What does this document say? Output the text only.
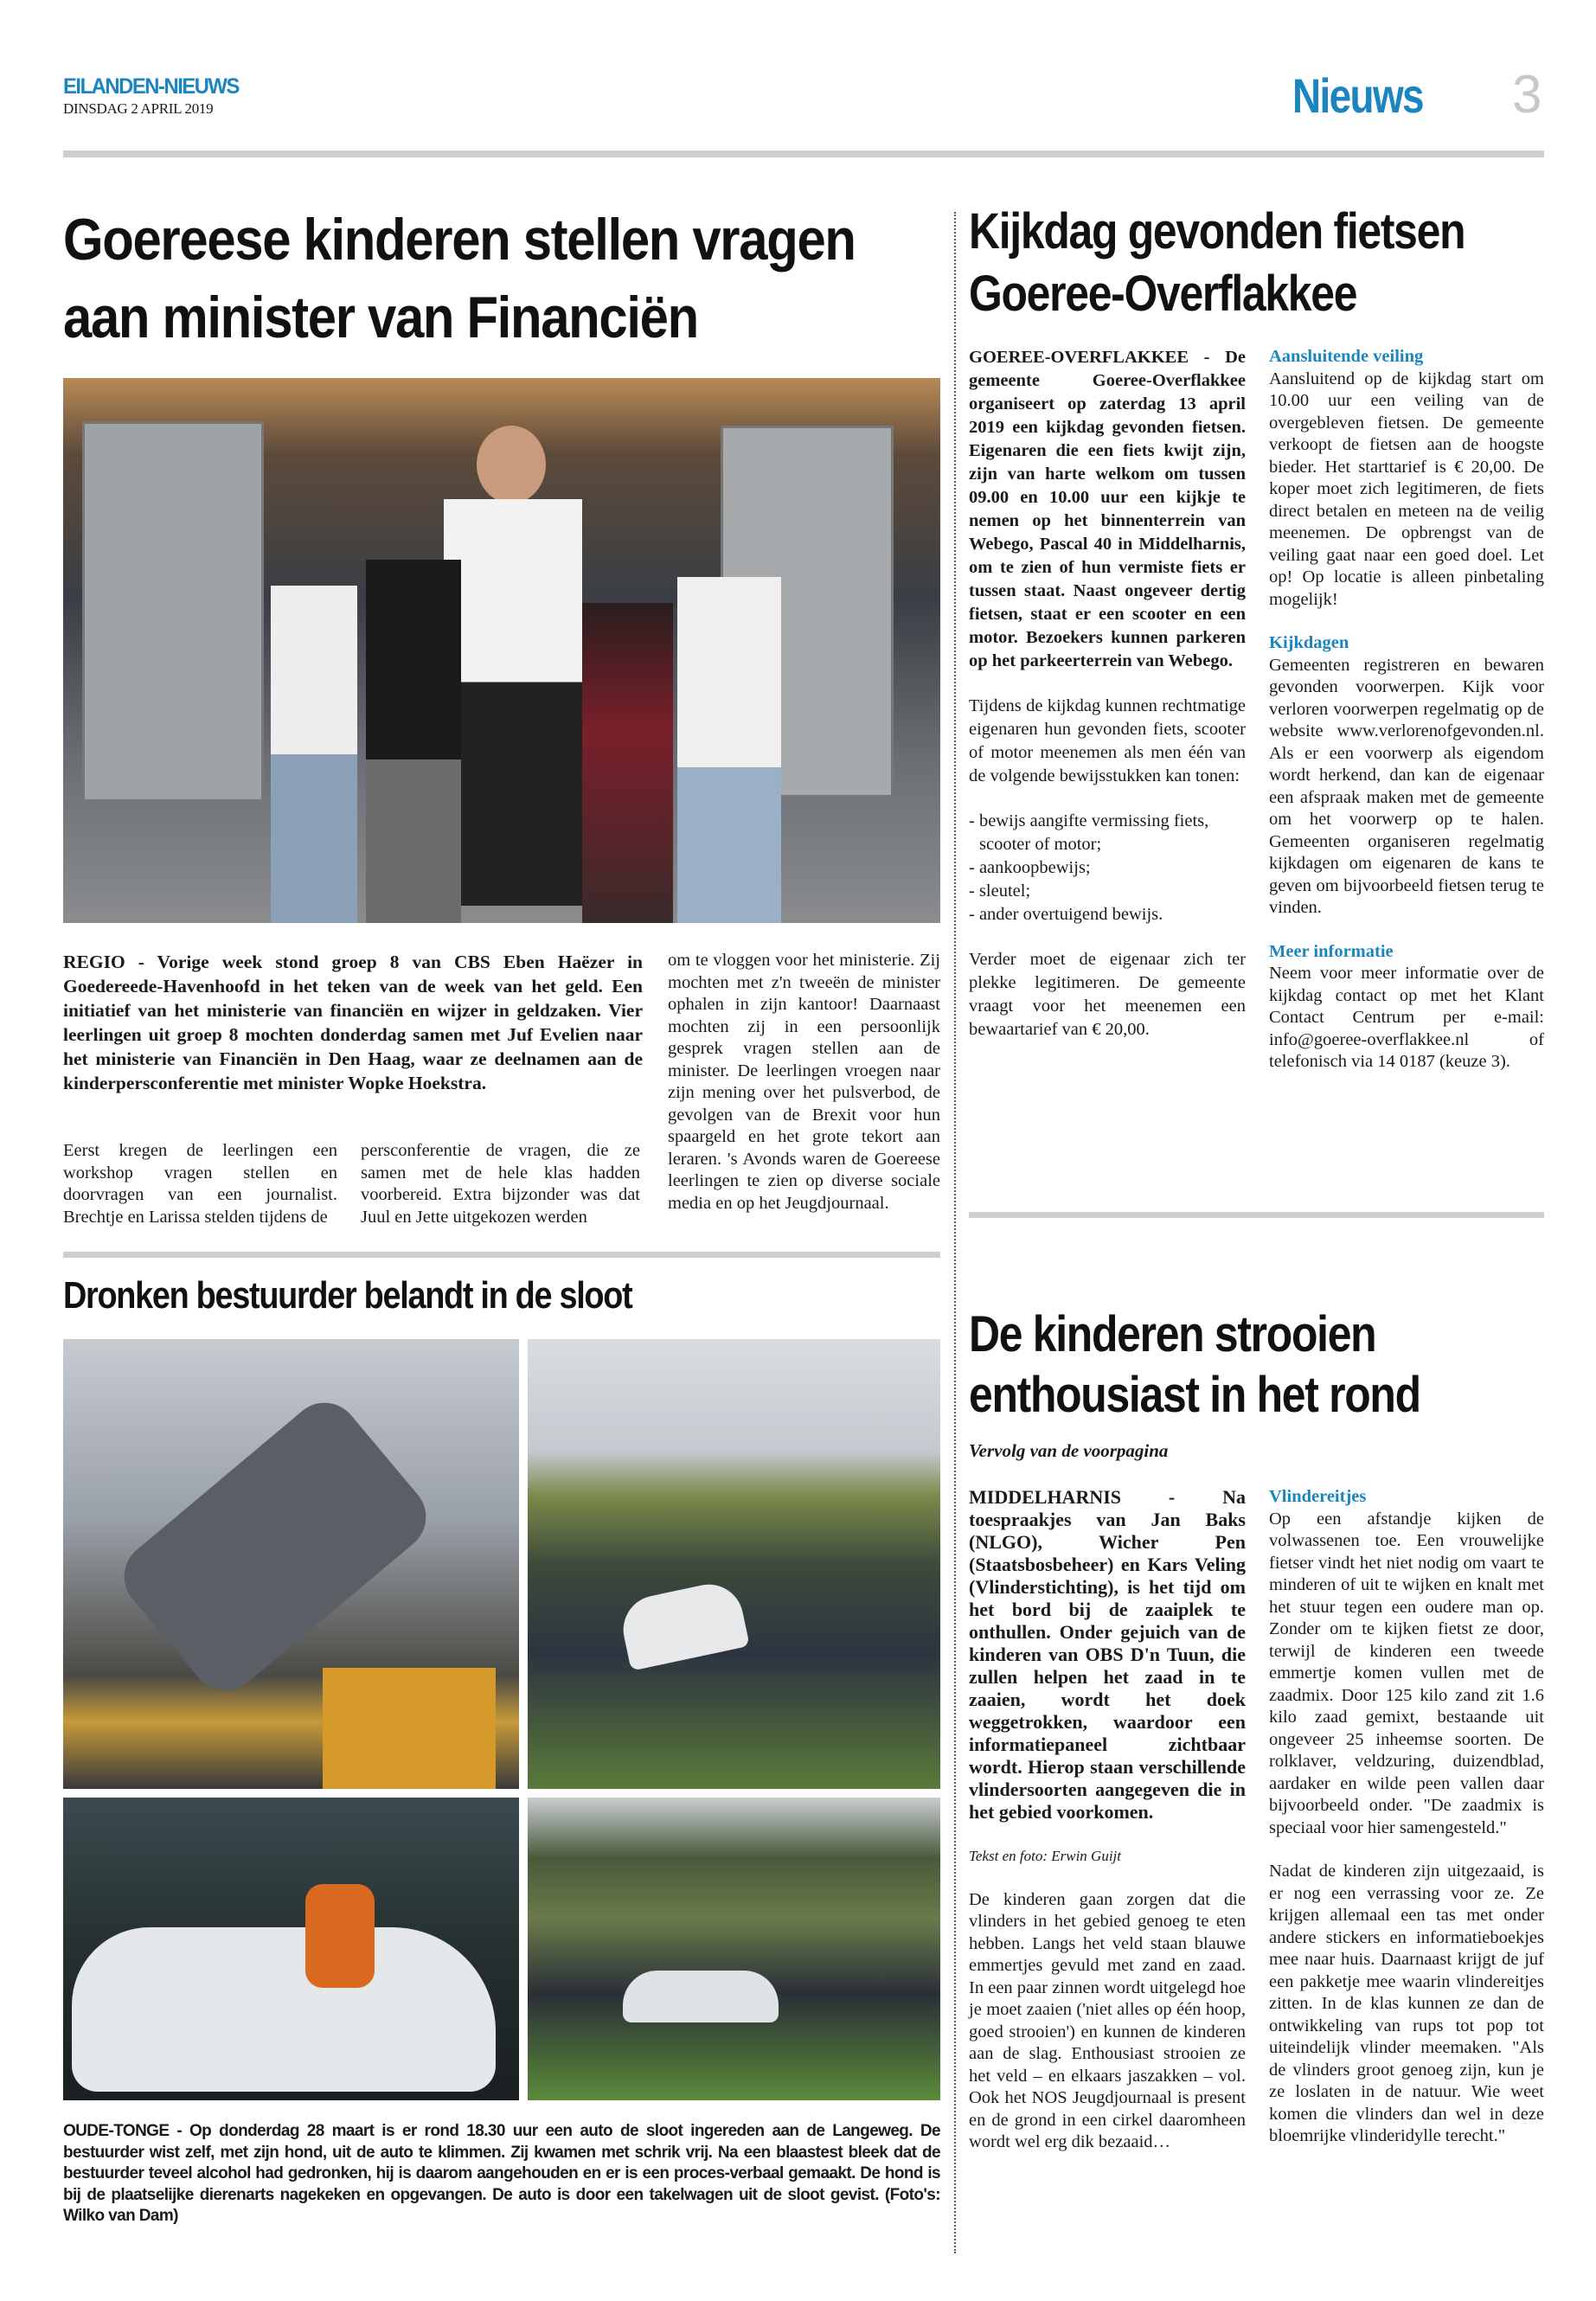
EILANDEN-NIEUWS
DINSDAG 2 APRIL 2019	Nieuws 3
Goereese kinderen stellen vragen aan minister van Financiën
REGIO - Vorige week stond groep 8 van CBS Eben Haëzer in Goedereede-Havenhoofd in het teken van de week van het geld. Een initiatief van het ministerie van financiën en wijzer in geldzaken. Vier leerlingen uit groep 8 mochten donderdag samen met Juf Evelien naar het ministerie van Financiën in Den Haag, waar ze deelnamen aan de kinderpersconferentie met minister Wopke Hoekstra.
Eerst kregen de leerlingen een workshop vragen stellen en doorvragen van een journalist. Brechtje en Larissa stelden tijdens de
persconferentie de vragen, die ze samen met de hele klas hadden voorbereid. Extra bijzonder was dat Juul en Jette uitgekozen werden
om te vloggen voor het ministerie. Zij mochten met z'n tweeën de minister ophalen in zijn kantoor! Daarnaast mochten zij in een persoonlijk gesprek vragen stellen aan de minister. De leerlingen vroegen naar zijn mening over het pulsverbod, de gevolgen van de Brexit voor hun spaargeld en het grote tekort aan leraren. 's Avonds waren de Goereese leerlingen te zien op diverse sociale media en op het Jeugdjournaal.
Dronken bestuurder belandt in de sloot
OUDE-TONGE - Op donderdag 28 maart is er rond 18.30 uur een auto de sloot ingereden aan de Langeweg. De bestuurder wist zelf, met zijn hond, uit de auto te klimmen. Zij kwamen met schrik vrij. Na een blaastest bleek dat de bestuurder teveel alcohol had gedronken, hij is daarom aangehouden en er is een proces-verbaal gemaakt. De hond is bij de plaatselijke dierenarts nagekeken en opgevangen. De auto is door een takelwagen uit de sloot gevist. (Foto's: Wilko van Dam)
Kijkdag gevonden fietsen Goeree-Overflakkee

GOEREE-OVERFLAKKEE - De gemeente Goeree-Overflakkee organiseert op zaterdag 13 april 2019 een kijkdag gevonden fietsen. Eigenaren die een fiets kwijt zijn, zijn van harte welkom om tussen 09.00 en 10.00 uur een kijkje te nemen op het binnenterrein van Webego, Pascal 40 in Middelharnis, om te zien of hun vermiste fiets er tussen staat. Naast ongeveer dertig fietsen, staat er een scooter en een motor. Bezoekers kunnen parkeren op het parkeerterrein van Webego.

Tijdens de kijkdag kunnen rechtmatige eigenaren hun gevonden fiets, scooter of motor meenemen als men één van de volgende bewijsstukken kan tonen:

- bewijs aangifte vermissing fiets, scooter of motor;
- aankoopbewijs;
- sleutel;
- ander overtuigend bewijs.

Verder moet de eigenaar zich ter plekke legitimeren. De gemeente vraagt voor het meenemen een bewaartarief van € 20,00.

Aansluitende veiling
Aansluitend op de kijkdag start om 10.00 uur een veiling van de overgebleven fietsen. De gemeente verkoopt de fietsen aan de hoogste bieder. Het starttarief is € 20,00. De koper moet zich legitimeren, de fiets direct betalen en meteen na de veilig meenemen. De opbrengst van de veiling gaat naar een goed doel. Let op! Op locatie is alleen pinbetaling mogelijk!

Kijkdagen
Gemeenten registreren en bewaren gevonden voorwerpen. Kijk voor verloren voorwerpen regelmatig op de website www.verlorenofgevonden.nl. Als er een voorwerp als eigendom wordt herkend, dan kan de eigenaar een afspraak maken met de gemeente om het voorwerp op te halen. Gemeenten organiseren regelmatig kijkdagen om eigenaren de kans te geven om bijvoorbeeld fietsen terug te vinden.

Meer informatie
Neem voor meer informatie over de kijkdag contact op met het Klant Contact Centrum per e-mail: info@goeree-overflakkee.nl of telefonisch via 14 0187 (keuze 3).

De kinderen strooien enthousiast in het rond
Vervolg van de voorpagina

MIDDELHARNIS - Na toespraakjes van Jan Baks (NLGO), Wicher Pen (Staatsbosbeheer) en Kars Veling (Vlinderstichting), is het tijd om het bord bij de zaaiplek te onthullen. Onder gejuich van de kinderen van OBS D'n Tuun, die zullen helpen het zaad in te zaaien, wordt het doek weggetrokken, waardoor een informatiepaneel zichtbaar wordt. Hierop staan verschillende vlindersoorten aangegeven die in het gebied voorkomen.

Tekst en foto: Erwin Guijt

De kinderen gaan zorgen dat die vlinders in het gebied genoeg te eten hebben. Langs het veld staan blauwe emmertjes gevuld met zand en zaad. In een paar zinnen wordt uitgelegd hoe je moet zaaien ('niet alles op één hoop, goed strooien') en kunnen de kinderen aan de slag. Enthousiast strooien ze het veld – en elkaars jaszakken – vol. Ook het NOS Jeugdjournaal is present en de grond in een cirkel daaromheen wordt wel erg dik bezaaid…

Vlindereitjes
Op een afstandje kijken de volwassenen toe. Een vrouwelijke fietser vindt het niet nodig om vaart te minderen of uit te wijken en knalt met het stuur tegen een oudere man op. Zonder om te kijken fietst ze door, terwijl de kinderen een tweede emmertje komen vullen met de zaadmix. Door 125 kilo zand zit 1.6 kilo zaad gemixt, bestaande uit ongeveer 25 inheemse soorten. De rolklaver, veldzuring, duizendblad, aardaker en wilde peen vallen daar bijvoorbeeld onder. "De zaadmix is speciaal voor hier samengesteld."

Nadat de kinderen zijn uitgezaaid, is er nog een verrassing voor ze. Ze krijgen allemaal een tas met onder andere stickers en informatieboekjes mee naar huis. Daarnaast krijgt de juf een pakketje mee waarin vlindereitjes zitten. In de klas kunnen ze dan de ontwikkeling van rups tot pop tot uiteindelijk vlinder meemaken. "Als de vlinders groot genoeg zijn, kun je ze loslaten in de natuur. Wie weet komen die vlinders dan wel in deze bloemrijke vlinderidylle terecht."
